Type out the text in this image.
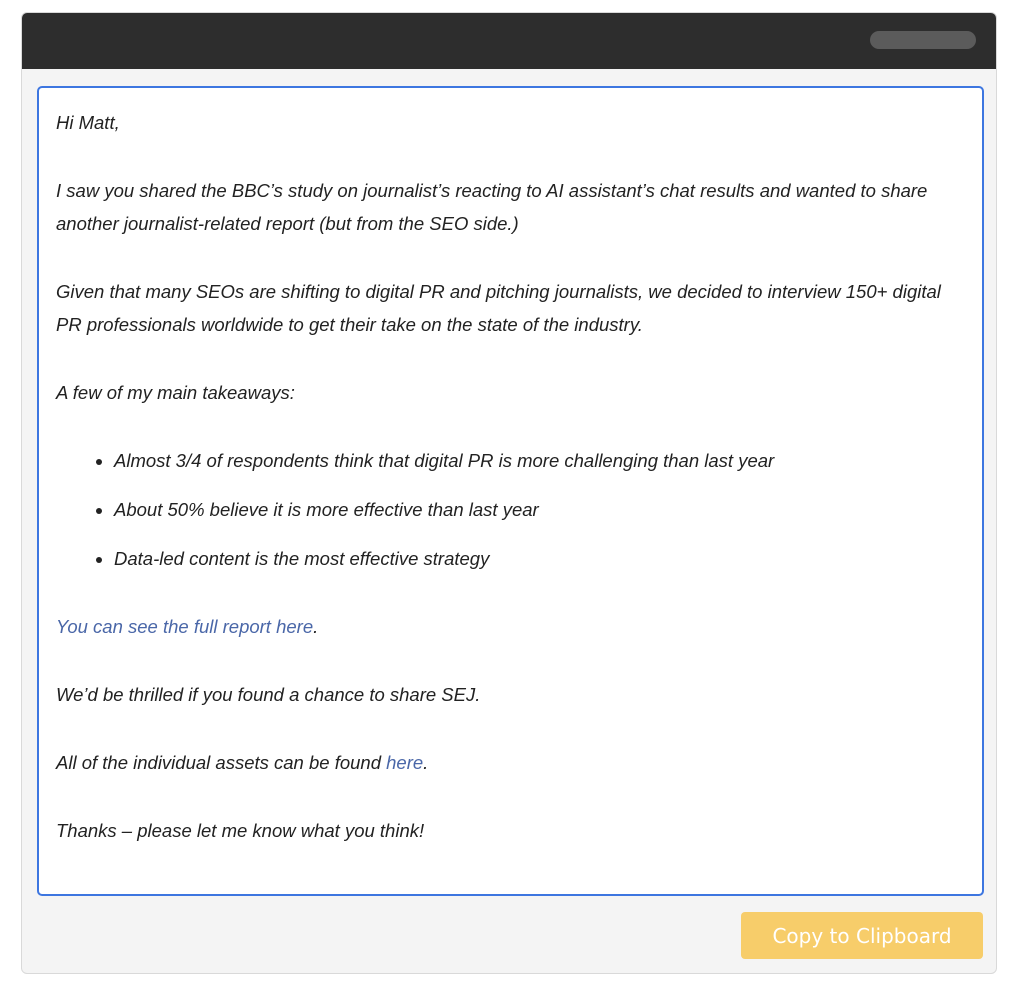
Hi Matt,

I saw you shared the BBC’s study on journalist’s reacting to AI assistant’s chat results and wanted to share another journalist-related report (but from the SEO side.)

Given that many SEOs are shifting to digital PR and pitching journalists, we decided to interview 150+ digital PR professionals worldwide to get their take on the state of the industry.

A few of my main takeaways:

• Almost 3/4 of respondents think that digital PR is more challenging than last year
• About 50% believe it is more effective than last year
• Data-led content is the most effective strategy

You can see the full report here.

We’d be thrilled if you found a chance to share SEJ.

All of the individual assets can be found here.

Thanks – please let me know what you think!

Copy to Clipboard
